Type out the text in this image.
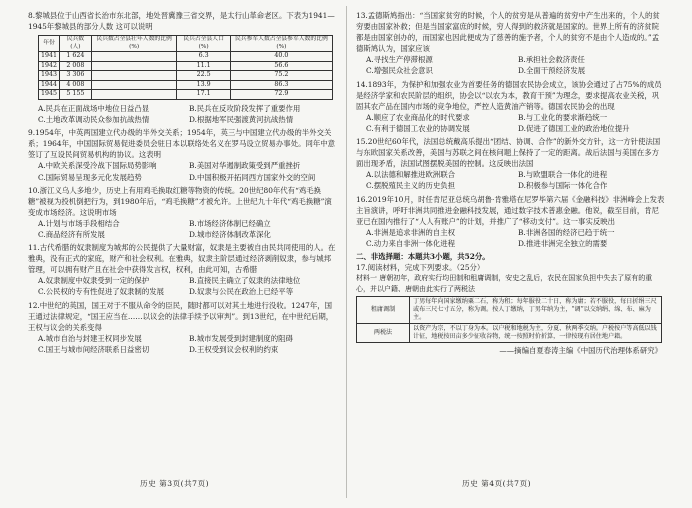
8.黎城县位于山西省长治市东北部，地处晋冀豫三省交界，是太行山革命老区。下表为1941—1945年黎城县的部分人数 这可以说明

年份	民兵数(人)	民兵数占全县壮年人数的比例(%)	民兵占全县人口(%)	民兵参军人数占全县参军人数的比例(%)
1941	1 624		6.3	40.0
1942	2 008		11.1	56.6
1943	3 306		22.5	75.2
1944	4 008		13.9	86.3
1945	5 155		17.1	72.9
A.民兵在正面战场中地位日益凸显	B.民兵在反攻阶段发挥了重要作用
C.土地改革调动民众参加抗战热情	D.根据地军民强渡黄河抗战热情

9.1954年，中英两国建立代办级的半外交关系；1954年，英三与中国建立代办级的半外交关系；1964年，中国国际贸易促进委员会驻日本以联络处名义在罗马设立贸易办事处。同年中意签订了互设民间贸易机构的协议。这表明

A.中欧关系深受冷战下国际局势影响	B.美国对华遏制政策受到严重挫折
C.国际贸易呈现多元化发展趋势	D.中国积极开拓同西方国家外交的空间

10.浙江义乌人多地少，历史上有用鸡毛换取红糖等物资的传统。20世纪80年代有“鸡毛换糖”被视为投机倒把行为，到1980年后，“鸡毛换糖”才被允许。上世纪九十年代“鸡毛换糖”演变成市场经济。这说明市场

A.计划与市场手段相结合	B.市场经济体制已经确立
C.商品经济有所发展	D.城市经济体制改革深化

11.古代希腊的奴隶制度为城邦的公民提供了大量财富，奴隶是主要被自由民共同使用的人。在雅典，没有正式的家庭，财产和社会权利。在雅典，奴隶主阶层通过经济剥削奴隶，参与城邦管理，可以拥有财产且在社会中获得发言权，权利，由此可知，古希腊

A.奴隶制度中奴隶受到一定的保护	B.直接民主确立了奴隶的法律地位
C.公民权的专有性促进了奴隶制的发展	D.奴隶与公民在政治上已经平等

12.中世纪的英国，国王对于不服从命令的臣民，随时都可以对其土地进行没收。1247年，国王通过法律规定，“国王应当在……以议会的法律手续予以审判”。到13世纪，在中世纪后期，王权与议会的关系变得

A.城市自治与封建王权同步发展	B.城市发展受到封建制度的阻碍
C.国王与城市间经济联系日益密切	D.王权受到议会权利的约束
历史 第3页(共7页)

13.孟德斯鸠指出：“当国家贫穷的时候，个人的贫穷是从普遍的贫穷中产生出来的，个人的贫穷要由国家补救；但是当国家富庶的时候，穷人得到的救济就是国家的。世界上所有的济贫院都是由国家创办的，而国家也因此便成为了慈善的施予者，个人的贫穷不是由个人造成的。”孟德斯鸠认为，国家应该

A.寻找生产停滞根源	B.承担社会救济责任
C.增强民众社会意识	D.全面干预经济发展

14.1893年，为保护和加强农业为首要任务的德国农民协会成立，该协会通过了占75%的成员是经济学家和农民阶层的组织，协会以“以农为本，教育干预”为理念，要求提高农业关税，巩固其农产品在国内市场的竞争地位，严控人造黄油产销等。德国农民协会的出现

A.顺应了农业商品化的时代要求	B.与工业化的要求渐趋统一
C.有利于德国工农业的协调发展	D.促进了德国工业的政治地位提升

15.20世纪60年代，法国总统戴高乐提出“团结、协调、合作”的新外交方针，这一方针使法国与东欧国家关系改善，美国与苏联之间在核问题上保持了一定的距离。战后法国与美国在多方面出现矛盾，法国试图摆脱美国的控制。这反映出法国

A.以法德和解推进欧洲联合	B.与欧盟联合一体化的进程
C.摆脱殖民主义的历史负担	D.积极参与国际一体化合作

16.2019年10月，时任肯尼亚总统乌胡鲁·肯雅塔在尼罗毕第六届《金融科技》非洲峰会上发表主旨演讲，呼吁非洲共同推进金融科技发展，通过数字技术普惠金融。他说，截至目前，肯尼亚已在国内推行了“人人有账户”的计划，并推广了“移动支付”。这一事实反映出

A.非洲是追求非洲的自主权	B.非洲各国的经济已趋于统一
C.动力来自非洲一体化进程	D.推进非洲完全独立的需要

二、非选择题：本题共3小题，共52分。

17.阅读材料，完成下列要求。（25分）

材料一 唐朝初年，政府实行均田制和租庸调制，安史之乱后，农民在国家负担中失去了原有的重心，并以户籍、唐朝由此实行了两税法

租庸调制	丁男每年向国家缴纳粟二石，称为租；每年服役二十日，称为庸；若不服役，每日折绢三尺或布三尺七寸五分，称为调。按人丁缴纳，丁男年纳为主，“调”以交纳绢、绵、布、麻为主。
两税法	以资产为宗，不以丁身为本。以户税和地税为主，分夏、秋两季交纳。户税按户等高低以钱计征，地税按田亩多少征收谷物，统一按照时价折算，一律按现有居住地户籍。

——摘编自夏春涛主编《中国历代治理体系研究》

历史 第4页(共7页)
